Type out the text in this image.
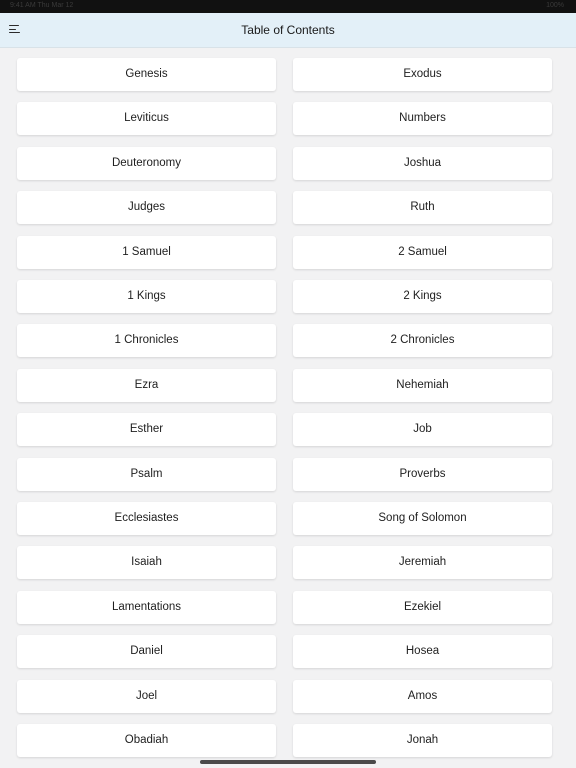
9:41 AM Thu Mar 12	100%
Table of Contents
Genesis	Exodus
Leviticus	Numbers
Deuteronomy	Joshua
Judges	Ruth
1 Samuel	2 Samuel
1 Kings	2 Kings
1 Chronicles	2 Chronicles
Ezra	Nehemiah
Esther	Job
Psalm	Proverbs
Ecclesiastes	Song of Solomon
Isaiah	Jeremiah
Lamentations	Ezekiel
Daniel	Hosea
Joel	Amos
Obadiah	Jonah
